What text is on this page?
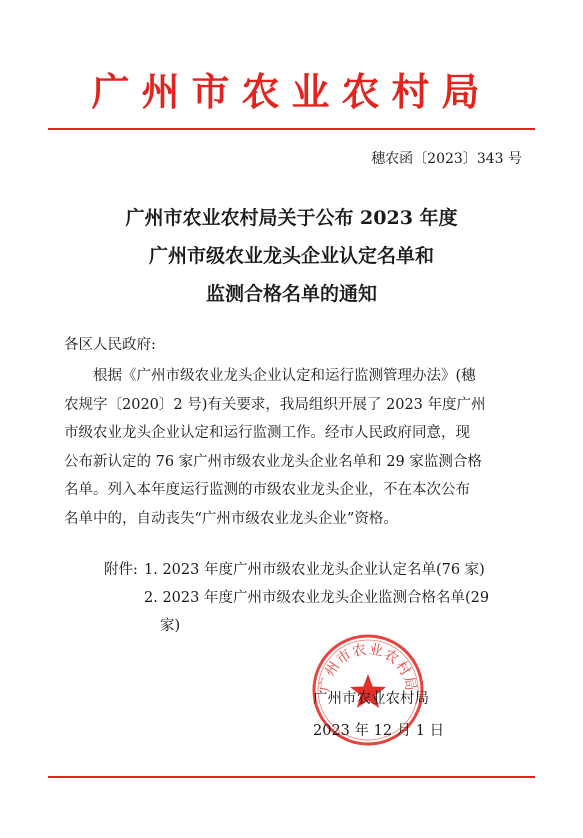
广州市农业农村局
穗农函〔2023〕343 号
广州市农业农村局关于公布 2023 年度
广州市级农业龙头企业认定名单和
监测合格名单的通知
各区人民政府:
根据《广州市级农业龙头企业认定和运行监测管理办法》(穗
农规字〔2020〕2 号)有关要求，我局组织开展了 2023 年度广州
市级农业龙头企业认定和运行监测工作。经市人民政府同意，现
公布新认定的 76 家广州市级农业龙头企业名单和 29 家监测合格
名单。列入本年度运行监测的市级农业龙头企业，不在本次公布
名单中的，自动丧失“广州市级农业龙头企业”资格。
附件: 1. 2023 年度广州市级农业龙头企业认定名单(76 家)
2. 2023 年度广州市级农业龙头企业监测合格名单(29
家)
广州市农业农村局
广州市农业农村局
2023 年 12 月 1 日
